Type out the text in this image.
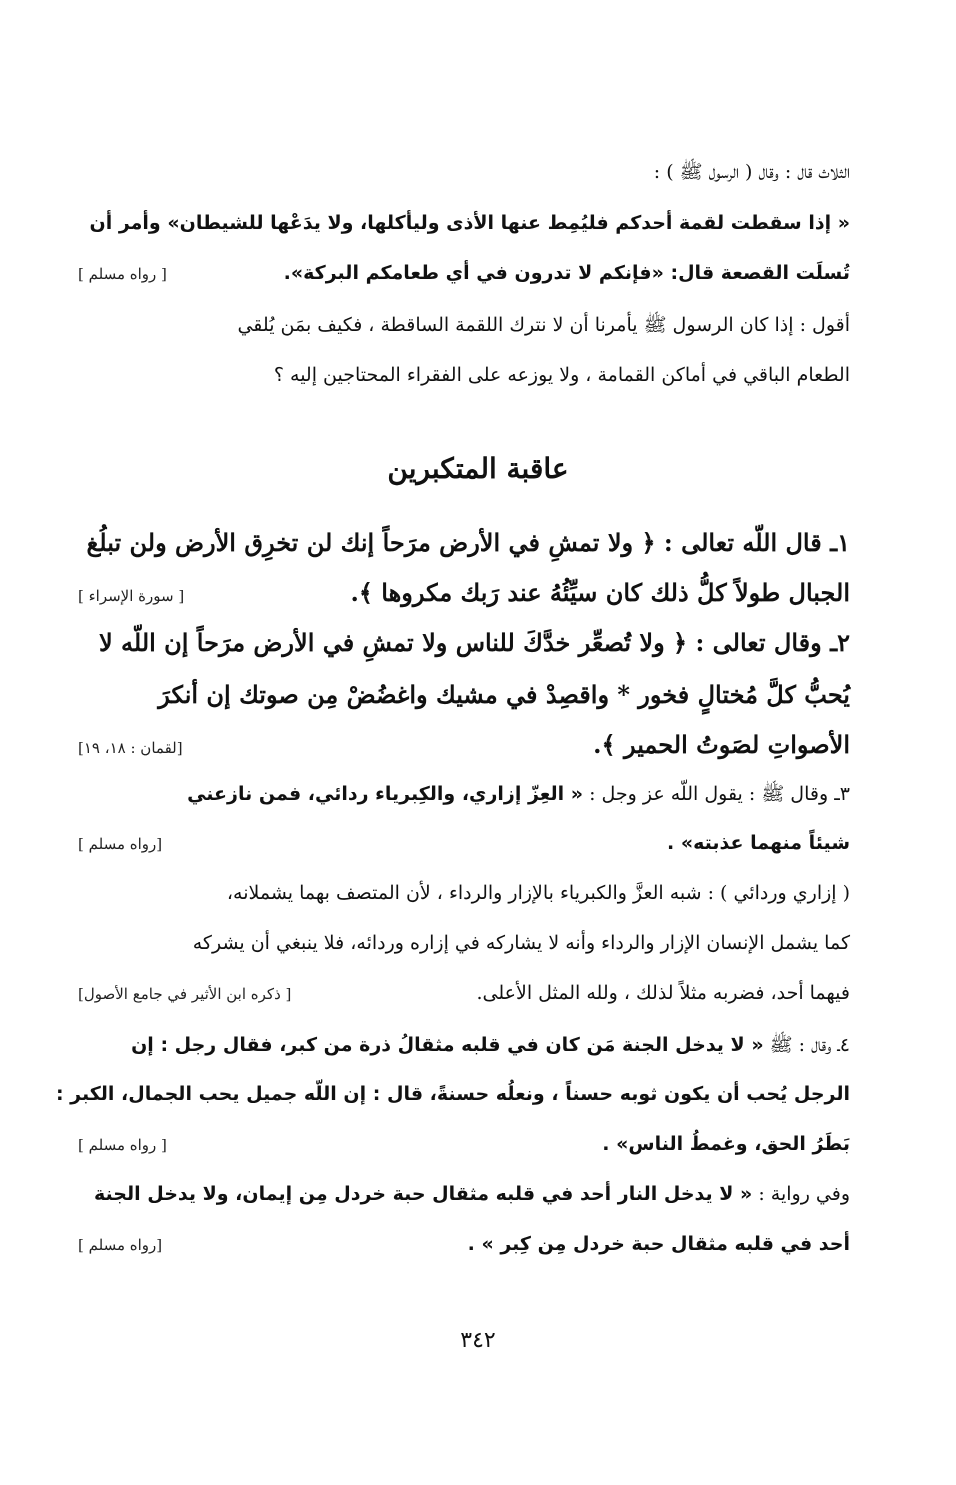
الثلاث قال : وقال ( الرسول ﷺ ) :
« إذا سقطت لقمة أحدكم فليُمِط عنها الأذى وليأكلها، ولا يدَعْها للشيطان» وأمر أن
تُسلَت القصعة قال: «فإنكم لا تدرون في أي طعامكم البركة».
[ رواه مسلم ]
أقول : إذا كان الرسول ﷺ يأمرنا أن لا نترك اللقمة الساقطة ، فكيف بمَن يُلقي
الطعام الباقي في أماكن القمامة ، ولا يوزعه على الفقراء المحتاجين إليه ؟
عاقبة المتكبرين
١ـ قال اللّه تعالى : ﴿ ولا تمشِ في الأرض مرَحاً إنك لن تخرِق الأرض ولن تبلُغ
الجبال طولاً كلُّ ذلك كان سيِّئُهُ عند رَبك مكروها ﴾.
[ سورة الإسراء ]
٢ـ وقال تعالى : ﴿ ولا تُصعِّر خدَّكَ للناس ولا تمشِ في الأرض مرَحاً إن اللّه لا
يُحبُّ كلَّ مُختالٍ فخور * واقصِدْ في مشيك واغضُضْ مِن صوتك إن أنكرَ
الأصواتِ لصَوتُ الحمير ﴾.
[لقمان : ١٨، ١٩]
٣ـ وقال ﷺ : يقول اللّه عز وجل : « العِزّ إزاري، والكِبرياء ردائي، فمن نازعني
شيئاً منهما عذبته» .
[رواه مسلم ]
( إزاري وردائي ) : شبه العزَّ والكبرياء بالإزار والرداء ، لأن المتصف بهما يشملانه،
كما يشمل الإنسان الإزار والرداء وأنه لا يشاركه في إزاره وردائه، فلا ينبغي أن يشركه
فيهما أحد، فضربه مثلاً لذلك ، ولله المثل الأعلى.
[ ذكره ابن الأثير في جامع الأصول]
٤ـ وقال : ﷺ « لا يدخل الجنة مَن كان في قلبه مثقالُ ذرة من كبر، فقال رجل : إن
الرجل يُحب أن يكون ثوبه حسناً ، ونعلُه حسنةً، قال : إن اللّه جميل يحب الجمال، الكبر :
بَطَرُ الحق، وغمطُ الناس» .
[ رواه مسلم ]
وفي رواية : « لا يدخل النار أحد في قلبه مثقال حبة خردل مِن إيمان، ولا يدخل الجنة
أحد في قلبه مثقال حبة خردل مِن كِبر » .
[رواه مسلم ]
٣٤٢
